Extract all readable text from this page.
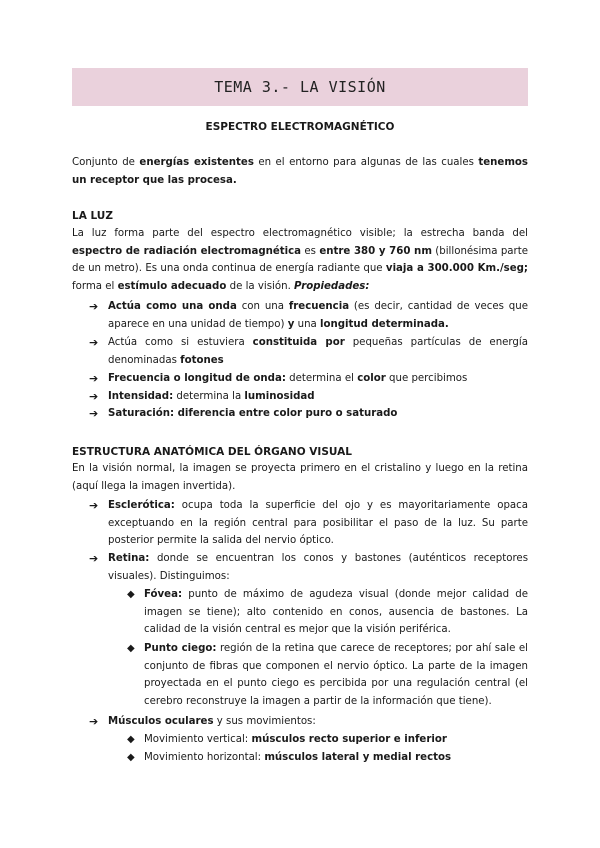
TEMA 3.- LA VISIÓN
ESPECTRO ELECTROMAGNÉTICO

Conjunto de energías existentes en el entorno para algunas de las cuales tenemos un receptor que las procesa.

LA LUZ

La luz forma parte del espectro electromagnético visible; la estrecha banda del espectro de radiación electromagnética es entre 380 y 760 nm (billonésima parte de un metro). Es una onda continua de energía radiante que viaja a 300.000 Km./seg; forma el estímulo adecuado de la visión. Propiedades:

➔ Actúa como una onda con una frecuencia (es decir, cantidad de veces que aparece en una unidad de tiempo) y una longitud determinada.

➔ Actúa como si estuviera constituida por pequeñas partículas de energía denominadas fotones

➔ Frecuencia o longitud de onda: determina el color que percibimos

➔ Intensidad: determina la luminosidad

➔ Saturación: diferencia entre color puro o saturado

ESTRUCTURA ANATÓMICA DEL ÓRGANO VISUAL

En la visión normal, la imagen se proyecta primero en el cristalino y luego en la retina (aquí llega la imagen invertida).

➔ Esclerótica: ocupa toda la superficie del ojo y es mayoritariamente opaca exceptuando en la región central para posibilitar el paso de la luz. Su parte posterior permite la salida del nervio óptico.

➔ Retina: donde se encuentran los conos y bastones (auténticos receptores visuales). Distinguimos:

◆ Fóvea: punto de máximo de agudeza visual (donde mejor calidad de imagen se tiene); alto contenido en conos, ausencia de bastones. La calidad de la visión central es mejor que la visión periférica.

◆ Punto ciego: región de la retina que carece de receptores; por ahí sale el conjunto de fibras que componen el nervio óptico. La parte de la imagen proyectada en el punto ciego es percibida por una regulación central (el cerebro reconstruye la imagen a partir de la información que tiene).

➔ Músculos oculares y sus movimientos:

◆ Movimiento vertical: músculos recto superior e inferior

◆ Movimiento horizontal: músculos lateral y medial rectos
